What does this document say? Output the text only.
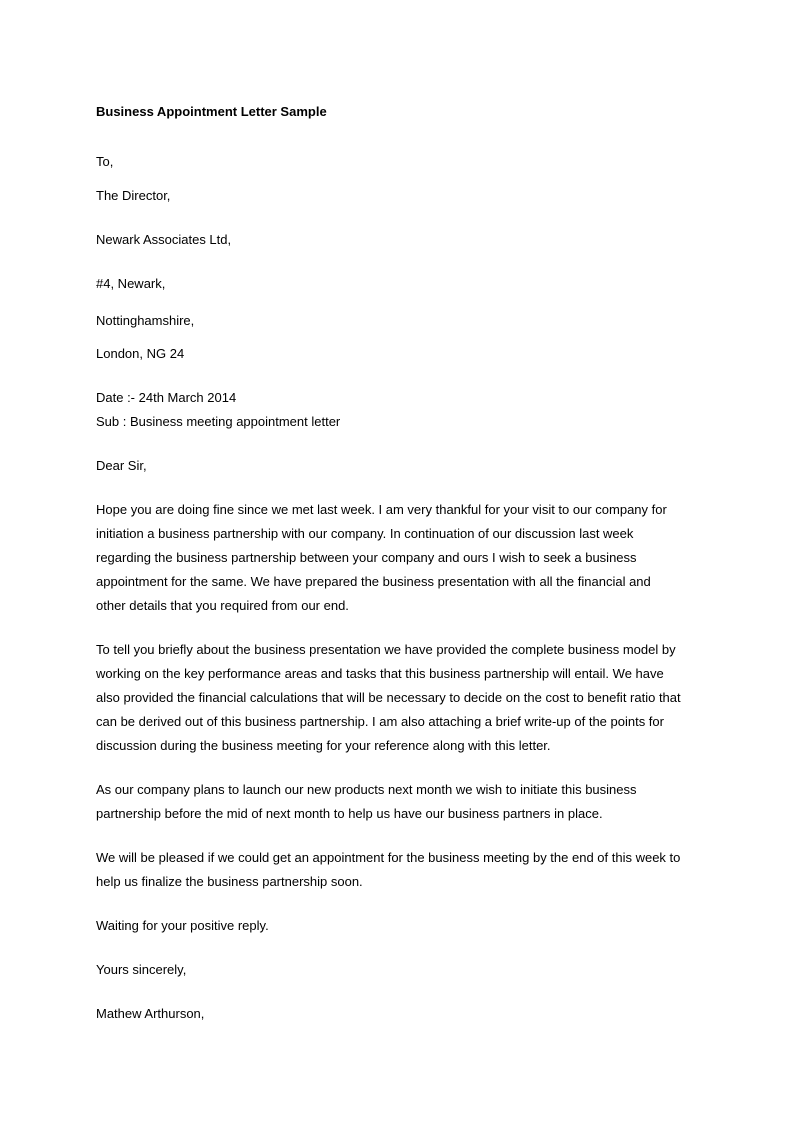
Business Appointment Letter Sample
To,
The Director,
Newark Associates Ltd,
#4, Newark,
Nottinghamshire,
London, NG 24
Date :- 24th March 2014
Sub : Business meeting appointment letter
Dear Sir,
Hope you are doing fine since we met last week. I am very thankful for your visit to our company for
initiation a business partnership with our company. In continuation of our discussion last week
regarding the business partnership between your company and ours I wish to seek a business
appointment for the same. We have prepared the business presentation with all the financial and
other details that you required from our end.
To tell you briefly about the business presentation we have provided the complete business model by
working on the key performance areas and tasks that this business partnership will entail. We have
also provided the financial calculations that will be necessary to decide on the cost to benefit ratio that
can be derived out of this business partnership. I am also attaching a brief write-up of the points for
discussion during the business meeting for your reference along with this letter.
As our company plans to launch our new products next month we wish to initiate this business
partnership before the mid of next month to help us have our business partners in place.
We will be pleased if we could get an appointment for the business meeting by the end of this week to
help us finalize the business partnership soon.
Waiting for your positive reply.
Yours sincerely,
Mathew Arthurson,
